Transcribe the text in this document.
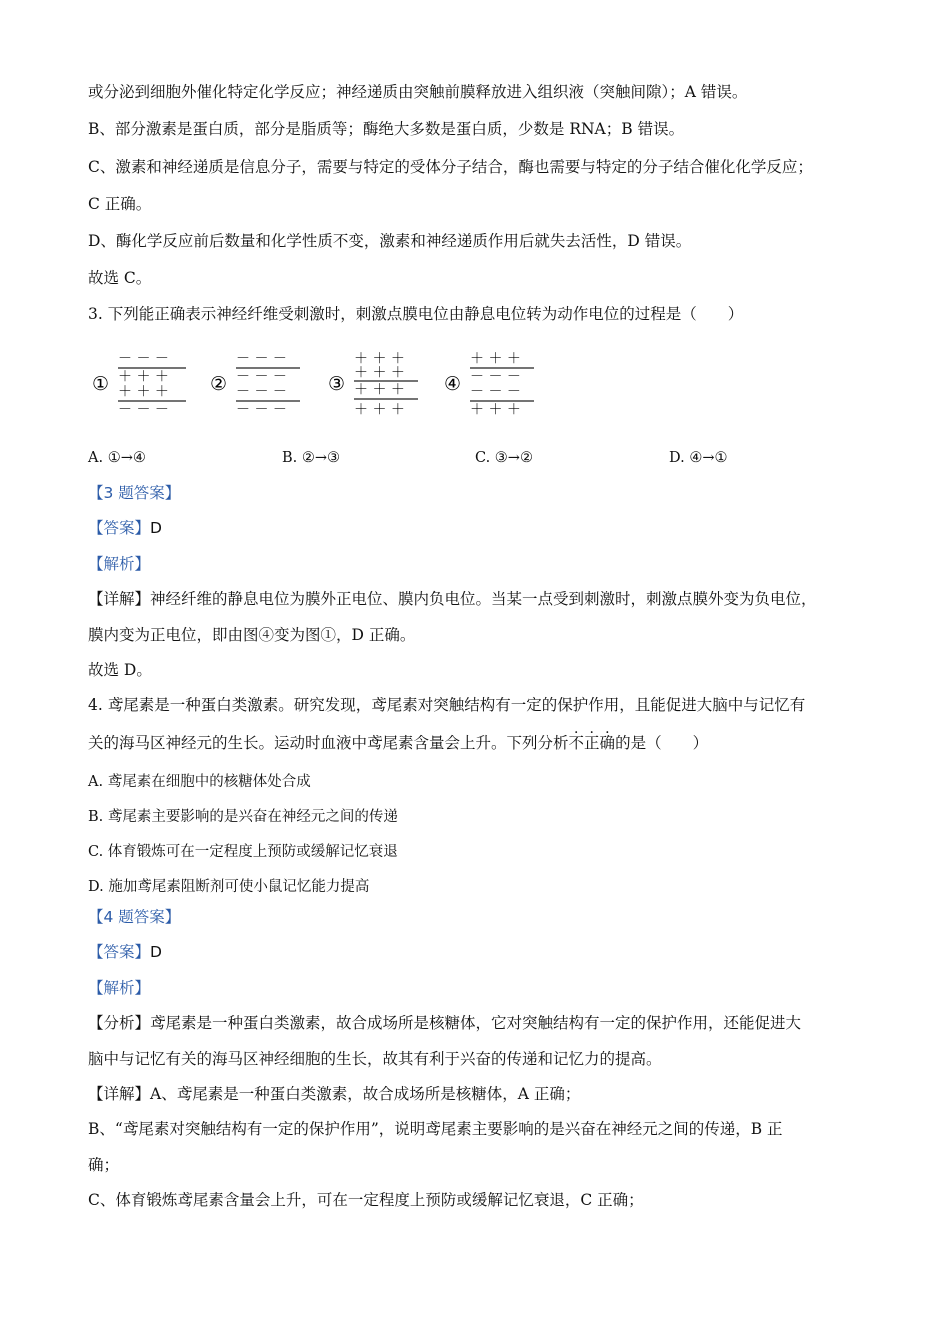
或分泌到细胞外催化特定化学反应；神经递质由突触前膜释放进入组织液（突触间隙）；A 错误。
B、部分激素是蛋白质，部分是脂质等；酶绝大多数是蛋白质，少数是 RNA；B 错误。
C、激素和神经递质是信息分子，需要与特定的受体分子结合，酶也需要与特定的分子结合催化化学反应；
C 正确。
D、酶化学反应前后数量和化学性质不变，激素和神经递质作用后就失去活性，D 错误。
故选 C。
3. 下列能正确表示神经纤维受刺激时，刺激点膜电位由静息电位转为动作电位的过程是（　　）
①
－ － －
＋ ＋ ＋
＋ ＋ ＋
－ － －
②
－ － －
－ － －
－ － －
－ － －
③
＋ ＋ ＋
＋ ＋ ＋
＋ ＋ ＋
＋ ＋ ＋
④
＋ ＋ ＋
－ － －
－ － －
＋ ＋ ＋
A. ①→④	B. ②→③	C. ③→②	D. ④→①
【3 题答案】
【答案】D
【解析】
【详解】神经纤维的静息电位为膜外正电位、膜内负电位。当某一点受到刺激时，刺激点膜外变为负电位，
膜内变为正电位，即由图④变为图①，D 正确。
故选 D。
4. 鸢尾素是一种蛋白类激素。研究发现，鸢尾素对突触结构有一定的保护作用，且能促进大脑中与记忆有
关的海马区神经元的生长。运动时血液中鸢尾素含量会上升。下列分析不正确的是（　　）
A. 鸢尾素在细胞中的核糖体处合成
B. 鸢尾素主要影响的是兴奋在神经元之间的传递
C. 体育锻炼可在一定程度上预防或缓解记忆衰退
D. 施加鸢尾素阻断剂可使小鼠记忆能力提高
【4 题答案】
【答案】D
【解析】
【分析】鸢尾素是一种蛋白类激素，故合成场所是核糖体，它对突触结构有一定的保护作用，还能促进大
脑中与记忆有关的海马区神经细胞的生长，故其有利于兴奋的传递和记忆力的提高。
【详解】A、鸢尾素是一种蛋白类激素，故合成场所是核糖体，A 正确；
B、“鸢尾素对突触结构有一定的保护作用”，说明鸢尾素主要影响的是兴奋在神经元之间的传递，B 正
确；
C、体育锻炼鸢尾素含量会上升，可在一定程度上预防或缓解记忆衰退，C 正确；
